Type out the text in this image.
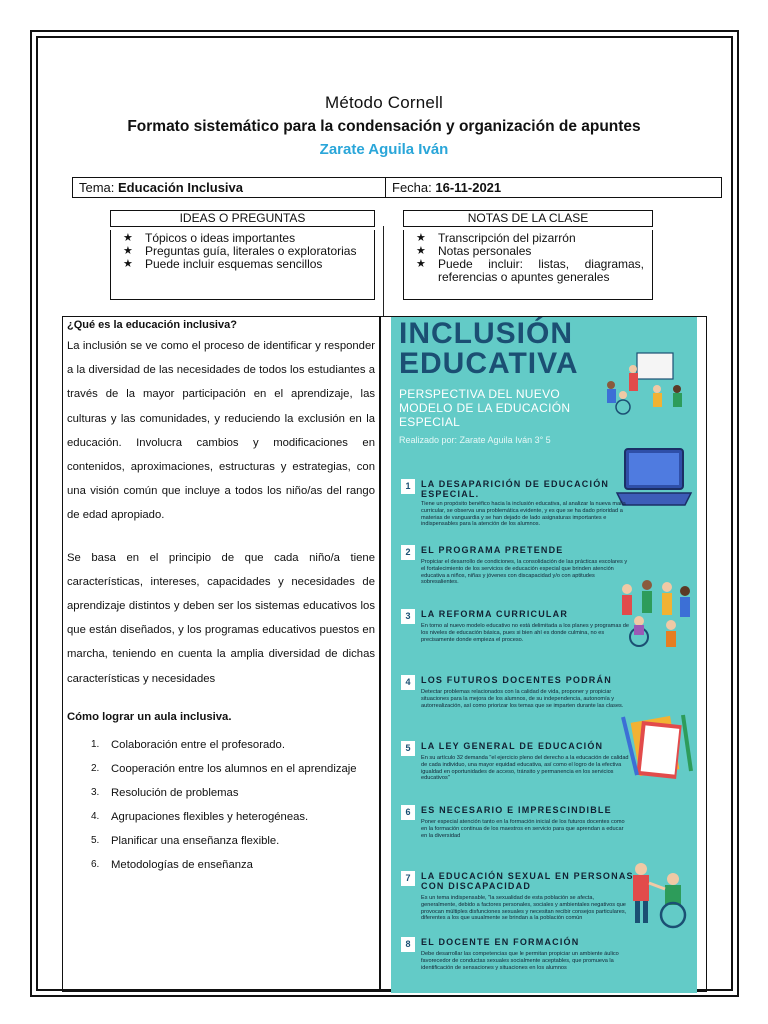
Método Cornell
Formato sistemático para la condensación y organización de apuntes
Zarate Aguila Iván
Tema: Educación Inclusiva	Fecha: 16-11-2021
IDEAS O PREGUNTAS	NOTAS DE LA CLASE
★ Tópicos o ideas importantes
★ Preguntas guía, literales o exploratorias
★ Puede incluir esquemas sencillos
★ Transcripción del pizarrón
★ Notas personales
★ Puede incluir: listas, diagramas, referencias o apuntes generales
¿Qué es la educación inclusiva?
La inclusión se ve como el proceso de identificar y responder a la diversidad de las necesidades de todos los estudiantes a través de la mayor participación en el aprendizaje, las culturas y las comunidades, y reduciendo la exclusión en la educación. Involucra cambios y modificaciones en contenidos, aproximaciones, estructuras y estrategias, con una visión común que incluye a todos los niño/as del rango de edad apropiado.
Se basa en el principio de que cada niño/a tiene características, intereses, capacidades y necesidades de aprendizaje distintos y deben ser los sistemas educativos los que están diseñados, y los programas educativos puestos en marcha, teniendo en cuenta la amplia diversidad de dichas características y necesidades
Cómo lograr un aula inclusiva.
1.	Colaboración entre el profesorado.
2.	Cooperación entre los alumnos en el aprendizaje
3.	Resolución de problemas
4.	Agrupaciones flexibles y heterogéneas.
5.	Planificar una enseñanza flexible.
6.	Metodologías de enseñanza
INCLUSIÓN
EDUCATIVA
PERSPECTIVA DEL NUEVO MODELO DE LA EDUCACIÓN ESPECIAL
Realizado por: Zarate Aguila Iván 3° 5
1	LA DESAPARICIÓN DE EDUCACIÓN ESPECIAL.
Tiene un propósito benéfico hacia la inclusión educativa, al analizar la nueva malla curricular, se observa una problemática evidente, y es que se ha dado prioridad a materias de vanguardia y se han dejado de lado asignaturas importantes e indispensables para la atención de los alumnos.
2	EL PROGRAMA PRETENDE
Propiciar el desarrollo de condiciones, la consolidación de las prácticas escolares y el fortalecimiento de los servicios de educación especial que brinden atención educativa a niños, niñas y jóvenes con discapacidad y/o con aptitudes sobresalientes.
3	LA REFORMA CURRICULAR
En torno al nuevo modelo educativo no está delimitada a los planes y programas de los niveles de educación básica, pues si bien ahí es donde culmina, no es precisamente donde empieza el proceso.
4	LOS FUTUROS DOCENTES PODRÁN
Detectar problemas relacionados con la calidad de vida, proponer y propiciar situaciones para la mejora de los alumnos, de su independencia, autonomía y autorrealización, así como priorizar los temas que se imparten durante las clases.
5	LA LEY GENERAL DE EDUCACIÓN
En su artículo 32 demanda "el ejercicio pleno del derecho a la educación de calidad de cada individuo, una mayor equidad educativa, así como el logro de la efectiva igualdad en oportunidades de acceso, tránsito y permanencia en los servicios educativos"
6	ES NECESARIO E IMPRESCINDIBLE
Poner especial atención tanto en la formación inicial de los futuros docentes como en la formación continua de los maestros en servicio para que aprendan a educar en la diversidad
7	LA EDUCACIÓN SEXUAL EN PERSONAS CON DISCAPACIDAD
Es un tema indispensable, "la sexualidad de esta población se afecta, generalmente, debido a factores personales, sociales y ambientales negativos que provocan múltiples disfunciones sexuales y necesitan recibir consejos particulares, diferentes a los que usualmente se brindan a la población común
8	EL DOCENTE EN FORMACIÓN
Debe desarrollar las competencias que le permitan propiciar un ambiente áulico favorecedor de conductas sexuales socialmente aceptables, que promueva la identificación de sensaciones y situaciones en los alumnos
